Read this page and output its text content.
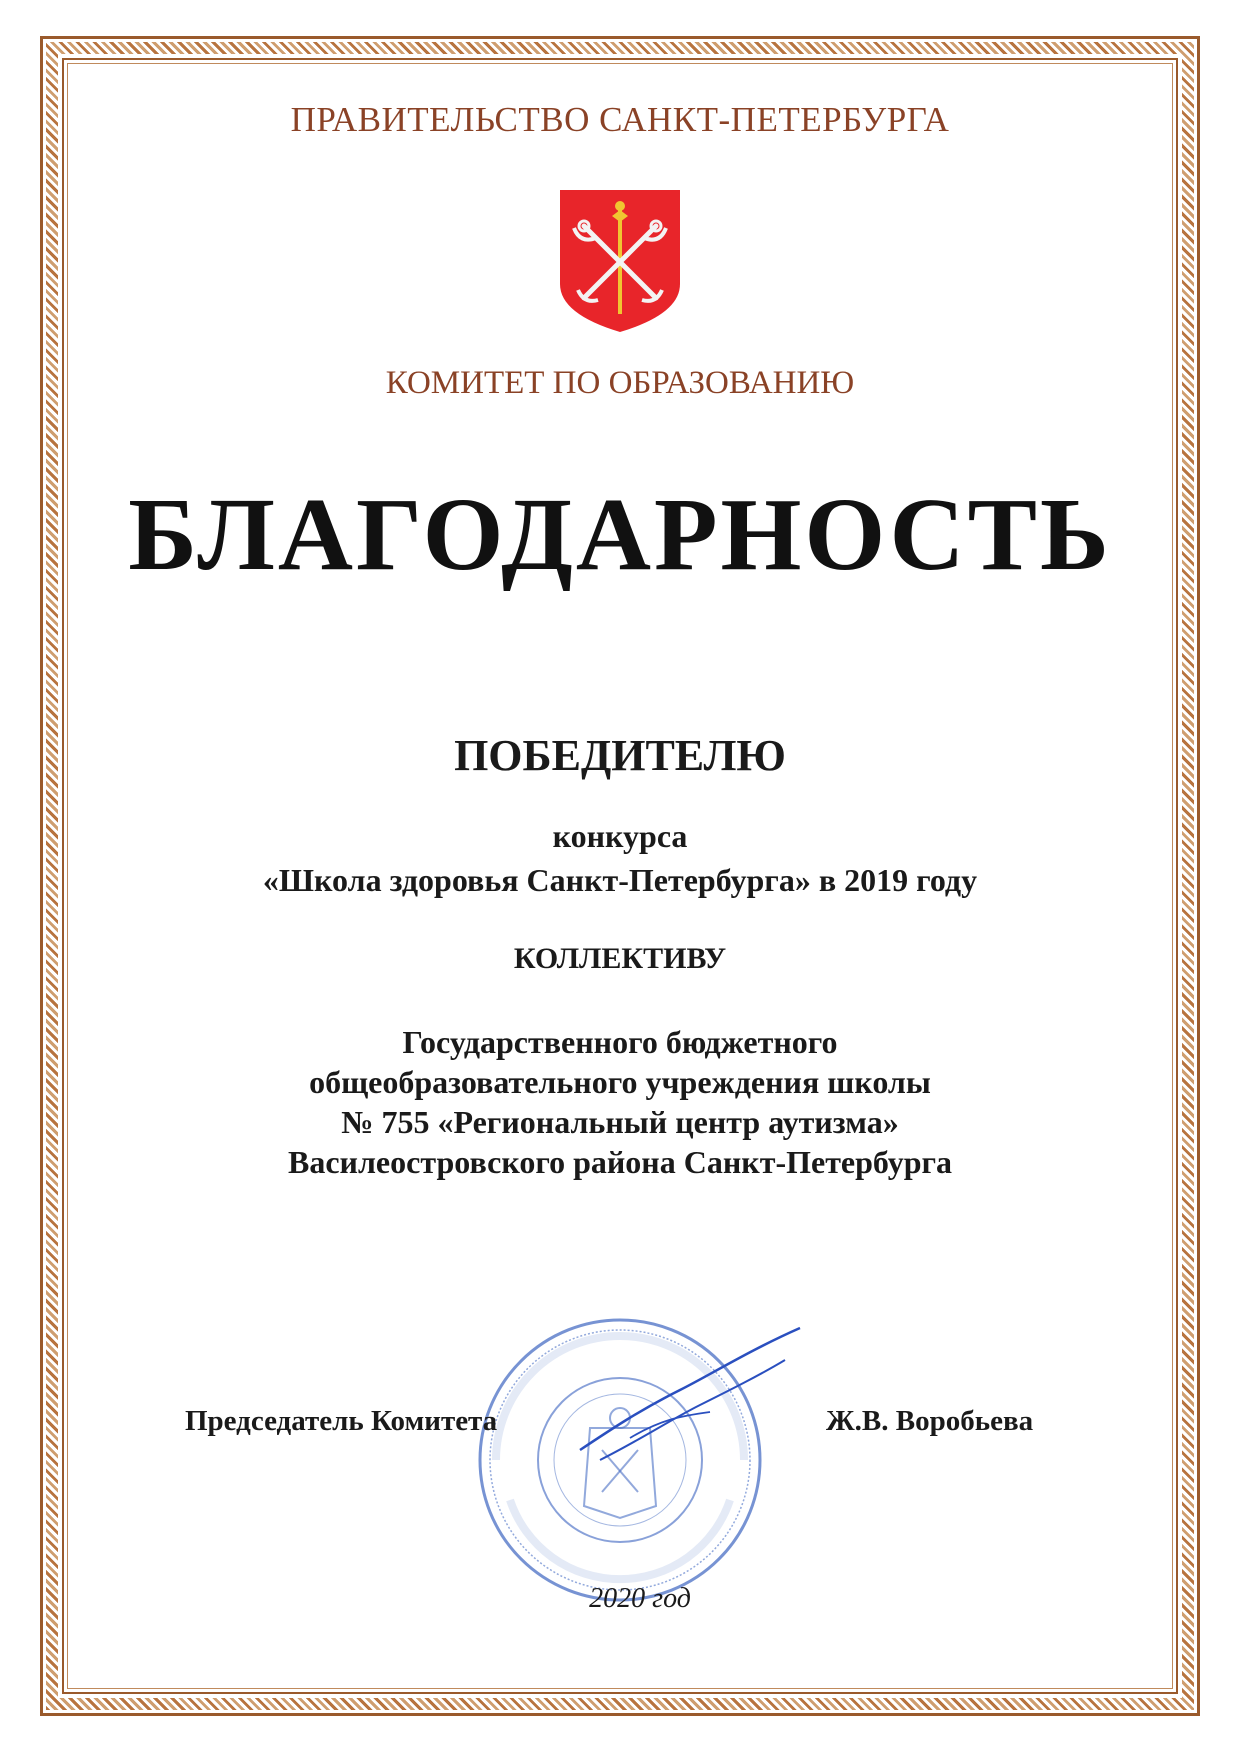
ПРАВИТЕЛЬСТВО САНКТ-ПЕТЕРБУРГА

КОМИТЕТ ПО ОБРАЗОВАНИЮ

БЛАГОДАРНОСТЬ

ПОБЕДИТЕЛЮ

конкурса

«Школа здоровья Санкт-Петербурга» в 2019 году

КОЛЛЕКТИВУ

Государственного бюджетного
общеобразовательного учреждения школы
№ 755 «Региональный центр аутизма»
Василеостровского района Санкт-Петербурга

Председатель Комитета	Ж.В. Воробьева

2020 год
